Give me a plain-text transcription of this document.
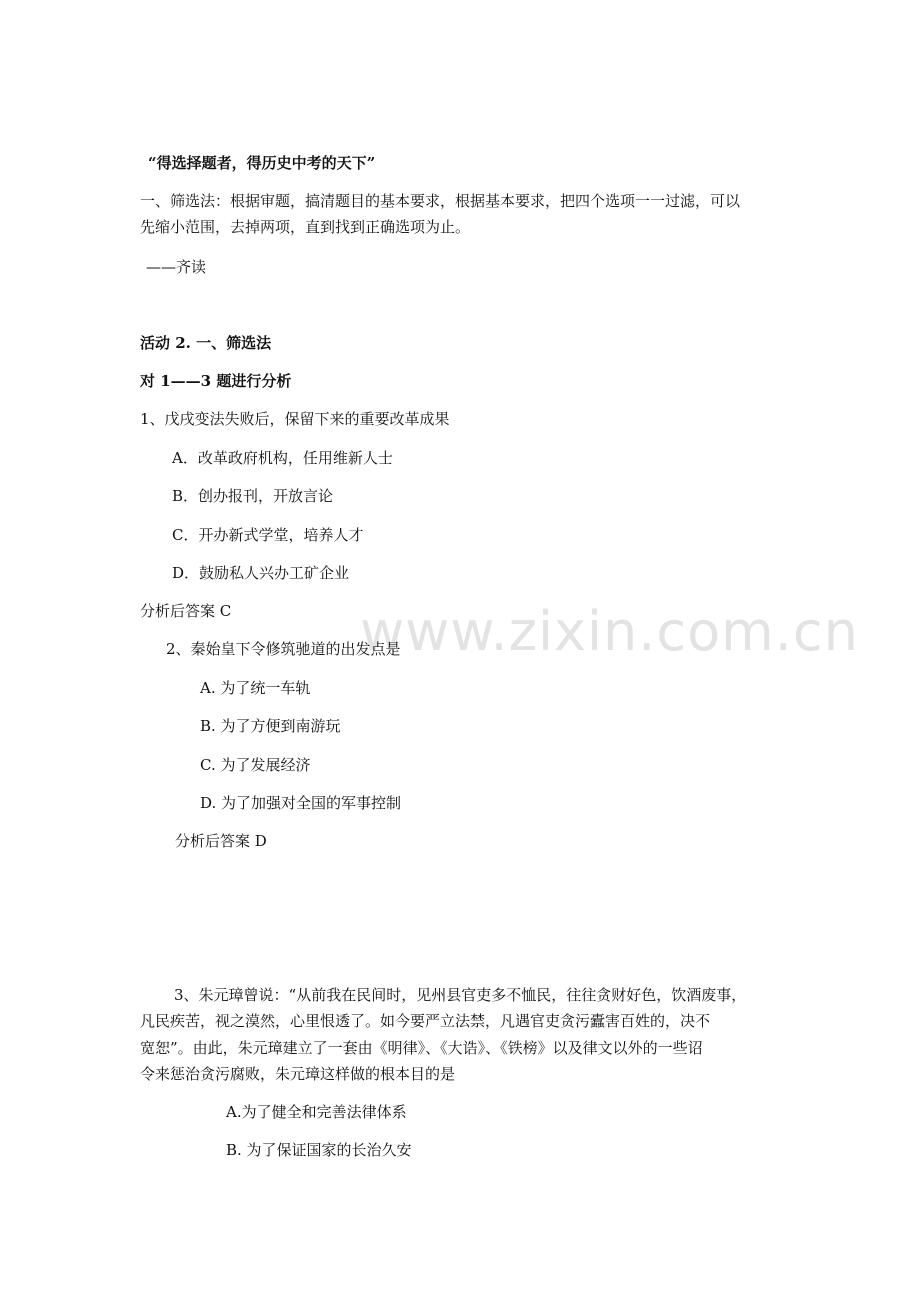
www.zixin.com.cn
“得选择题者，得历史中考的天下”
一、筛选法：根据审题，搞清题目的基本要求，根据基本要求，把四个选项一一过滤，可以
先缩小范围，去掉两项，直到找到正确选项为止。
——齐读
活动 2. 一、筛选法
对 1——3 题进行分析
1、戊戌变法失败后，保留下来的重要改革成果
A．改革政府机构，任用维新人士
B．创办报刊，开放言论
C．开办新式学堂，培养人才
D．鼓励私人兴办工矿企业
分析后答案 C
2、秦始皇下令修筑驰道的出发点是
A. 为了统一车轨
B. 为了方便到南游玩
C. 为了发展经济
D. 为了加强对全国的军事控制
分析后答案 D
3、朱元璋曾说：“从前我在民间时，见州县官吏多不恤民，往往贪财好色，饮酒废事，
凡民疾苦，视之漠然，心里恨透了。如今要严立法禁，凡遇官吏贪污蠹害百姓的，决不
宽恕”。由此，朱元璋建立了一套由《明律》、《大诰》、《铁榜》以及律文以外的一些诏
令来惩治贪污腐败，朱元璋这样做的根本目的是
A.为了健全和完善法律体系
B. 为了保证国家的长治久安
